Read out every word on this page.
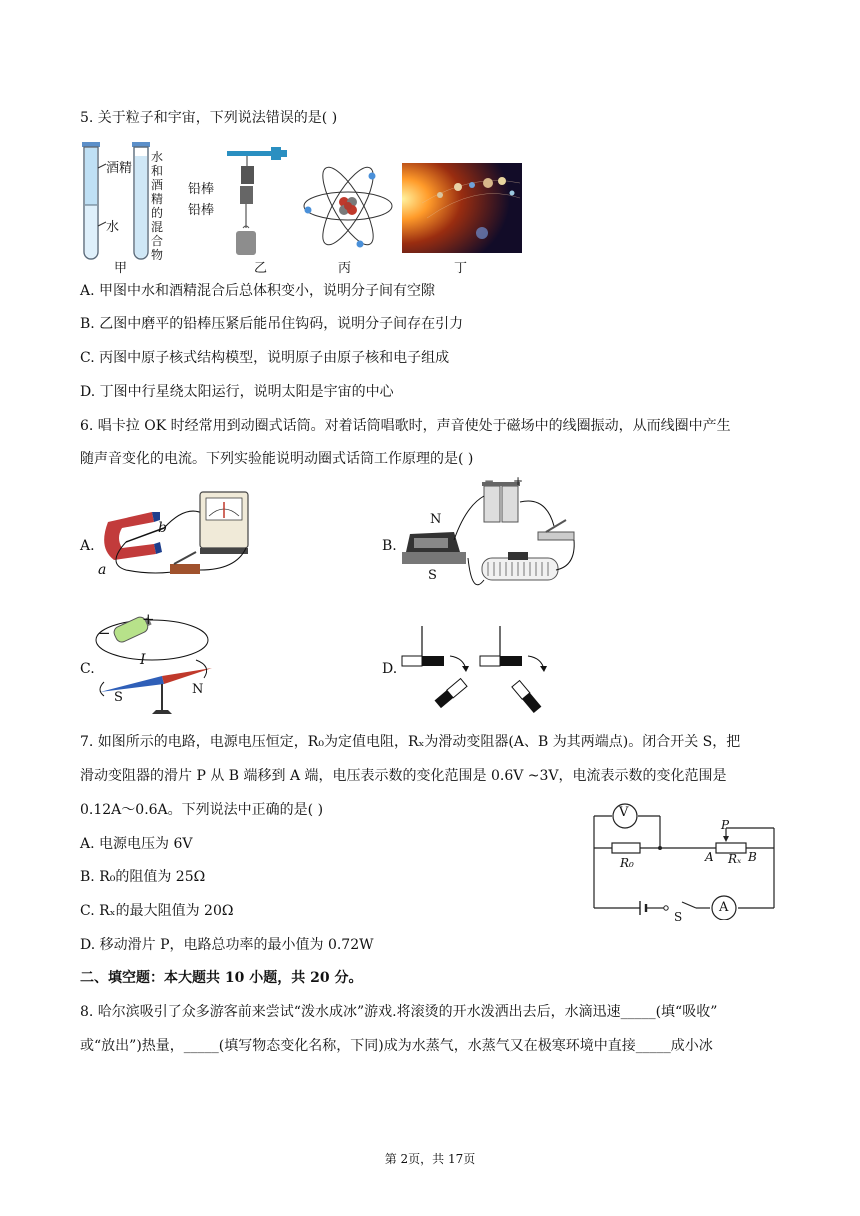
5. 关于粒子和宇宙，下列说法错误的是( )
酒精
水
水和酒精的混合物
甲
铅棒
铅棒
乙	丙	丁
A. 甲图中水和酒精混合后总体积变小，说明分子间有空隙
B. 乙图中磨平的铅棒压紧后能吊住钩码，说明分子间存在引力
C. 丙图中原子核式结构模型，说明原子由原子核和电子组成
D. 丁图中行星绕太阳运行，说明太阳是宇宙的中心
6. 唱卡拉 OK 时经常用到动圈式话筒。对着话筒唱歌时，声音使处于磁场中的线圈振动，从而线圈中产生
随声音变化的电流。下列实验能说明动圈式话筒工作原理的是( )
A.
b
a
B.
N
S
− +
C.
+
−
I
S
N
D.
7. 如图所示的电路，电源电压恒定，R₀为定值电阻，Rₓ为滑动变阻器(A、B 为其两端点)。闭合开关 S，把
滑动变阻器的滑片 P 从 B 端移到 A 端，电压表示数的变化范围是 0.6V ~3V，电流表示数的变化范围是
0.12A～0.6A。下列说法中正确的是( )	V
A
P
R₀	Rₓ
A	B
S
A. 电源电压为 6V
B. R₀的阻值为 25Ω
C. Rₓ的最大阻值为 20Ω
D. 移动滑片 P，电路总功率的最小值为 0.72W
二、填空题：本大题共 10 小题，共 20 分。
8. 哈尔滨吸引了众多游客前来尝试“泼水成冰”游戏.将滚烫的开水泼洒出去后，水滴迅速_____(填“吸收”
或“放出”)热量，_____(填写物态变化名称，下同)成为水蒸气，水蒸气又在极寒环境中直接_____成小冰
第 2页，共 17页
